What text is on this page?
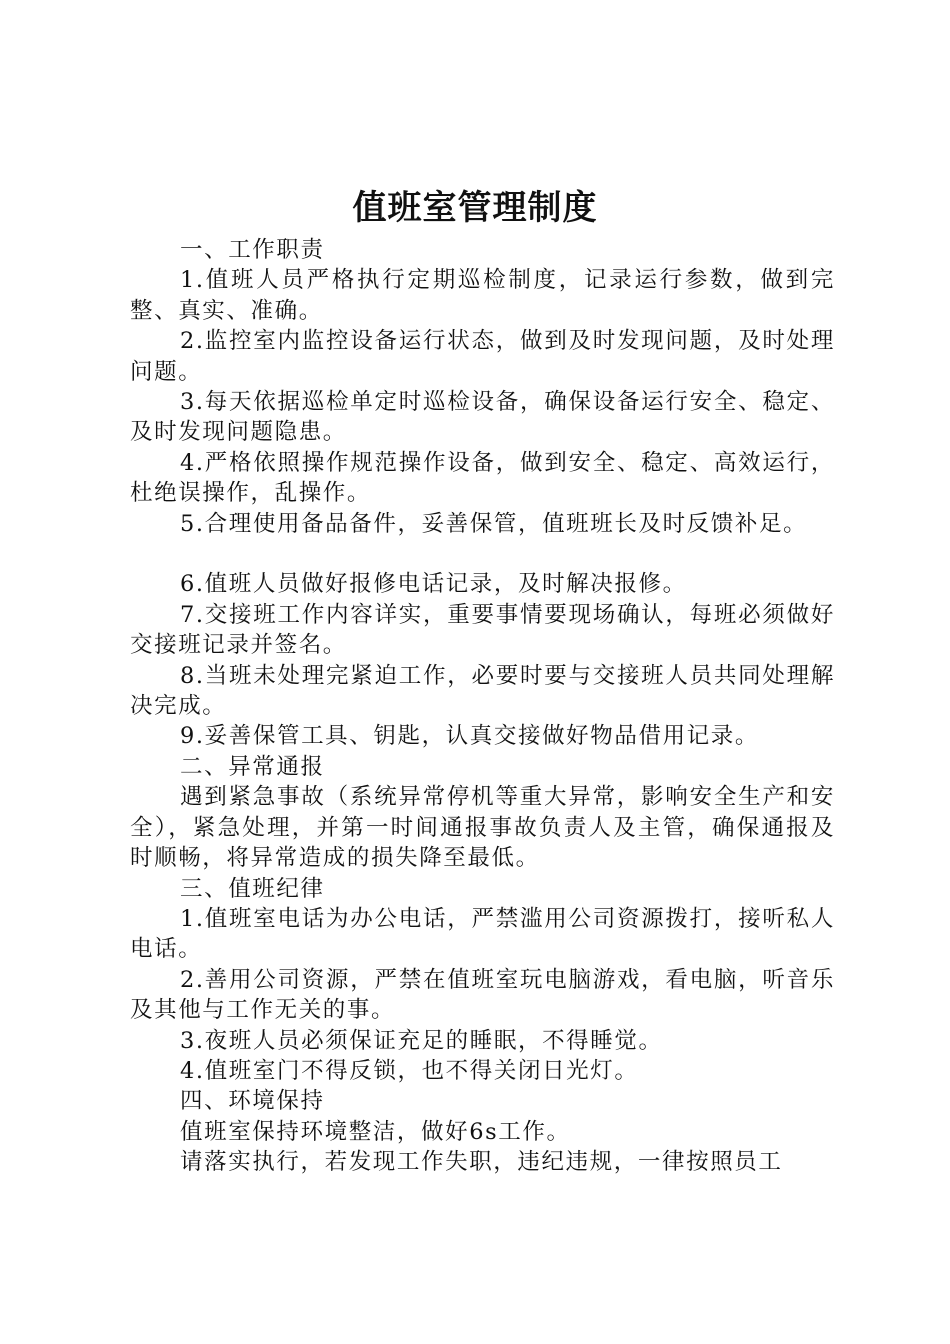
值班室管理制度

一、工作职责

1.值班人员严格执行定期巡检制度，记录运行参数，做到完整、真实、准确。

2.监控室内监控设备运行状态，做到及时发现问题，及时处理问题。

3.每天依据巡检单定时巡检设备，确保设备运行安全、稳定、及时发现问题隐患。

4.严格依照操作规范操作设备，做到安全、稳定、高效运行，杜绝误操作，乱操作。

5.合理使用备品备件，妥善保管，值班班长及时反馈补足。

6.值班人员做好报修电话记录，及时解决报修。

7.交接班工作内容详实，重要事情要现场确认，每班必须做好交接班记录并签名。

8.当班未处理完紧迫工作，必要时要与交接班人员共同处理解决完成。

9.妥善保管工具、钥匙，认真交接做好物品借用记录。

二、异常通报

遇到紧急事故（系统异常停机等重大异常，影响安全生产和安全），紧急处理，并第一时间通报事故负责人及主管，确保通报及时顺畅，将异常造成的损失降至最低。

三、值班纪律

1.值班室电话为办公电话，严禁滥用公司资源拨打，接听私人电话。

2.善用公司资源，严禁在值班室玩电脑游戏，看电脑，听音乐及其他与工作无关的事。

3.夜班人员必须保证充足的睡眠，不得睡觉。

4.值班室门不得反锁，也不得关闭日光灯。

四、环境保持

值班室保持环境整洁，做好6s工作。

请落实执行，若发现工作失职，违纪违规，一律按照员工
